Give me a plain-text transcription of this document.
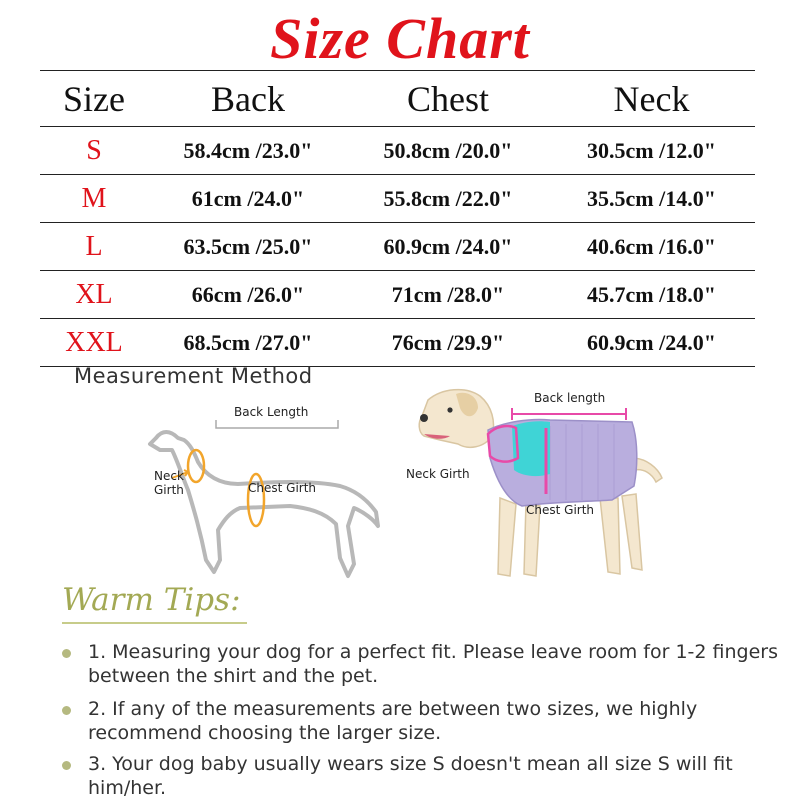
Size Chart
Size	Back	Chest	Neck
S	58.4cm /23.0"	50.8cm /20.0"	30.5cm /12.0"
M	61cm /24.0"	55.8cm /22.0"	35.5cm /14.0"
L	63.5cm /25.0"	60.9cm /24.0"	40.6cm /16.0"
XL	66cm /26.0"	71cm /28.0"	45.7cm /18.0"
XXL	68.5cm /27.0"	76cm /29.9"	60.9cm /24.0"
Measurement Method
Back Length
Neck
Girth	Chest Girth
Back length
Neck Girth
Chest Girth
Warm Tips:
1. Measuring your dog for a perfect fit. Please leave room for 1-2 fingers between the shirt and the pet.
2. If any of the measurements are between two sizes, we highly recommend choosing the larger size.
3. Your dog baby usually wears size S doesn't mean all size S will fit him/her.
